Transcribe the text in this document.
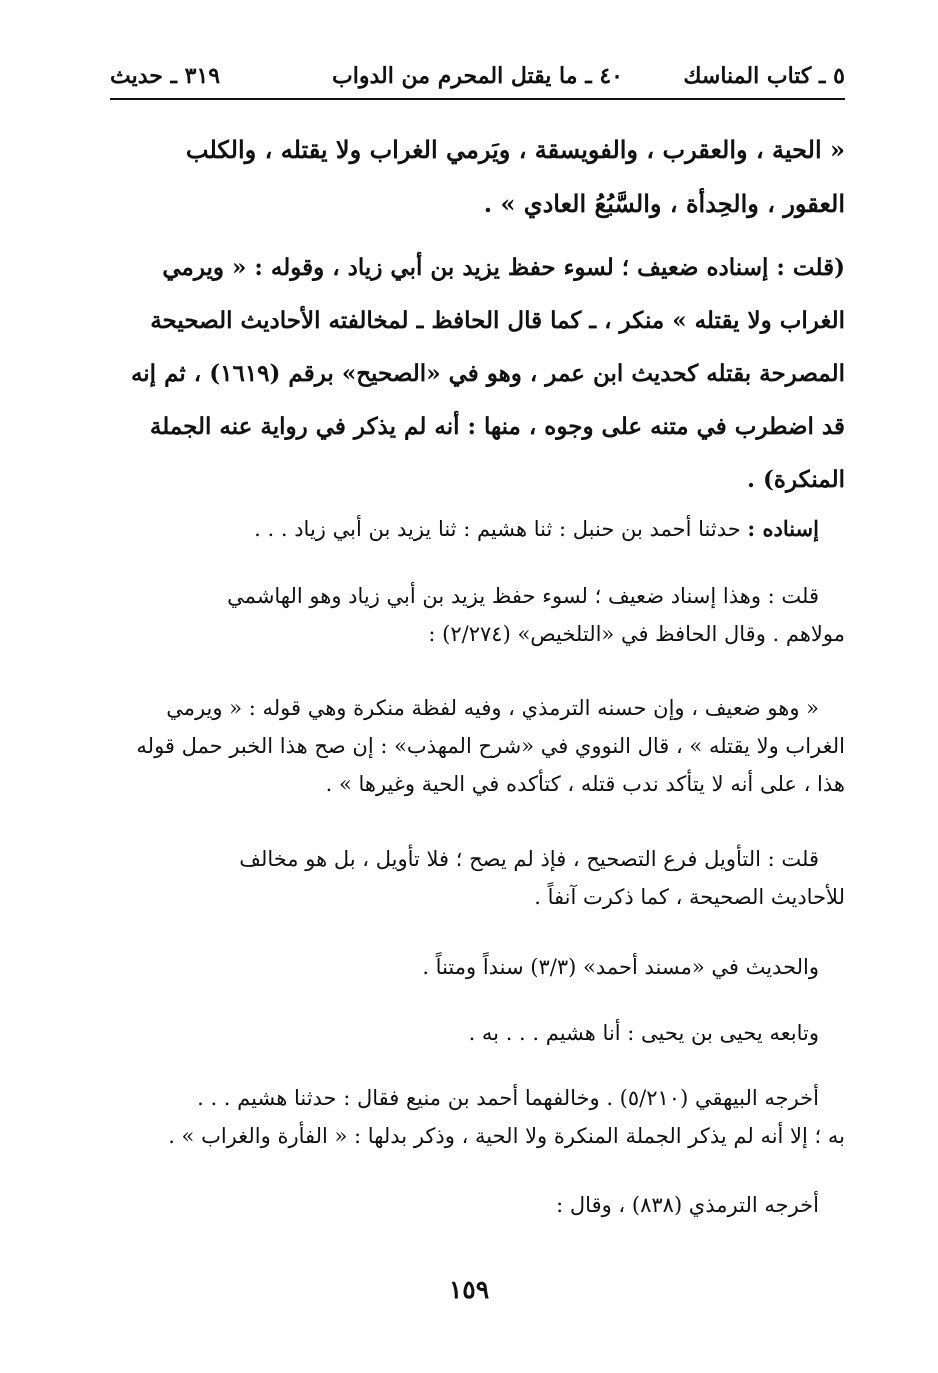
٥ ـ كتاب المناسك
٤٠ ـ ما يقتل المحرم من الدواب
٣١٩ ـ حديث
« الحية ، والعقرب ، والفويسقة ، ويَرمي الغراب ولا يقتله ، والكلب
العقور ، والحِدأة ، والسَّبُعُ العادي » .
(قلت : إسناده ضعيف ؛ لسوء حفظ يزيد بن أبي زياد ، وقوله : « ويرمي
الغراب ولا يقتله » منكر ، ـ كما قال الحافظ ـ لمخالفته الأحاديث الصحيحة
المصرحة بقتله كحديث ابن عمر ، وهو في «الصحيح» برقم (١٦١٩) ، ثم إنه
قد اضطرب في متنه على وجوه ، منها : أنه لم يذكر في رواية عنه الجملة
المنكرة) .
إسناده : حدثنا أحمد بن حنبل : ثنا هشيم : ثنا يزيد بن أبي زياد . . .
قلت : وهذا إسناد ضعيف ؛ لسوء حفظ يزيد بن أبي زياد وهو الهاشمي
مولاهم . وقال الحافظ في «التلخيص» (٢/٢٧٤) :
« وهو ضعيف ، وإن حسنه الترمذي ، وفيه لفظة منكرة وهي قوله : « ويرمي
الغراب ولا يقتله » ، قال النووي في «شرح المهذب» : إن صح هذا الخبر حمل قوله
هذا ، على أنه لا يتأكد ندب قتله ، كتأكده في الحية وغيرها » .
قلت : التأويل فرع التصحيح ، فإذ لم يصح ؛ فلا تأويل ، بل هو مخالف
للأحاديث الصحيحة ، كما ذكرت آنفاً .
والحديث في «مسند أحمد» (٣/٣) سنداً ومتناً .
وتابعه يحيى بن يحيى : أنا هشيم . . . به .
أخرجه البيهقي (٥/٢١٠) . وخالفهما أحمد بن منيع فقال : حدثنا هشيم . . .
به ؛ إلا أنه لم يذكر الجملة المنكرة ولا الحية ، وذكر بدلها : « الفأرة والغراب » .
أخرجه الترمذي (٨٣٨) ، وقال :
١٥٩
